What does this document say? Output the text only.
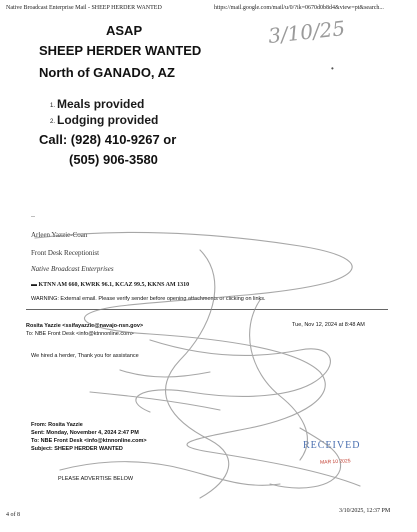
Native Broadcast Enterprise Mail - SHEEP HERDER WANTED	https://mail.google.com/mail/u/0/?ik=0670d0b8d4&view=pt&search...
3/10/25
ASAP
SHEEP HERDER WANTED
North of GANADO, AZ	•
1. Meals provided
2. Lodging provided
Call: (928) 410-9267 or
(505) 906-3580
--
Arleen Yazzie-Coan
Front Desk Receptionist
Native Broadcast Enterprises
▬ KTNN AM 660, KWRK 96.1, KCAZ 99.5, KKNS AM 1310
WARNING: External email. Please verify sender before opening attachments or clicking on links.
Rosita Yazzie <ssifayazzie@navajo-nsn.gov>	Tue, Nov 12, 2024 at 8:48 AM
To: NBE Front Desk <info@ktnnonline.com>
We hired a herder, Thank you for assistance
From: Rosita Yazzie
Sent: Monday, November 4, 2024 2:47 PM
To: NBE Front Desk <info@ktnnonline.com>
Subject: SHEEP HERDER WANTED
PLEASE ADVERTISE BELOW
RECEIVED
MAR 10 2025
4 of 8
3/10/2025, 12:37 PM
